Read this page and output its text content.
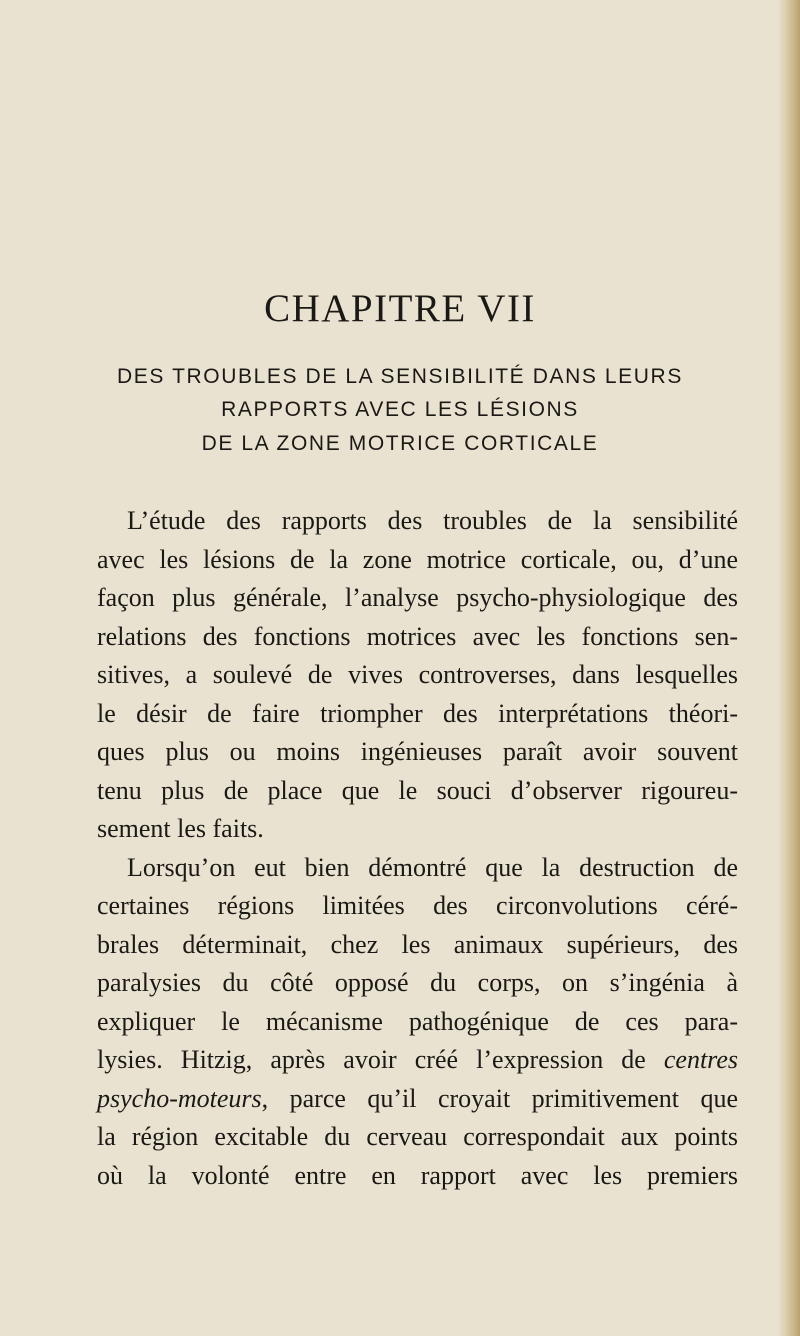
CHAPITRE VII

DES TROUBLES DE LA SENSIBILITÉ DANS LEURS

RAPPORTS AVEC LES LÉSIONS

DE LA ZONE MOTRICE CORTICALE

L’étude des rapports des troubles de la sensibilité
avec les lésions de la zone motrice corticale, ou, d’une
façon plus générale, l’analyse psycho-physiologique des
relations des fonctions motrices avec les fonctions sen-
sitives, a soulevé de vives controverses, dans lesquelles
le désir de faire triompher des interprétations théori-
ques plus ou moins ingénieuses paraît avoir souvent
tenu plus de place que le souci d’observer rigoureu-
sement les faits.
Lorsqu’on eut bien démontré que la destruction de
certaines régions limitées des circonvolutions céré-
brales déterminait, chez les animaux supérieurs, des
paralysies du côté opposé du corps, on s’ingénia à
expliquer le mécanisme pathogénique de ces para-
lysies. Hitzig, après avoir créé l’expression de centres
psycho-moteurs, parce qu’il croyait primitivement que
la région excitable du cerveau correspondait aux points
où la volonté entre en rapport avec les premiers
